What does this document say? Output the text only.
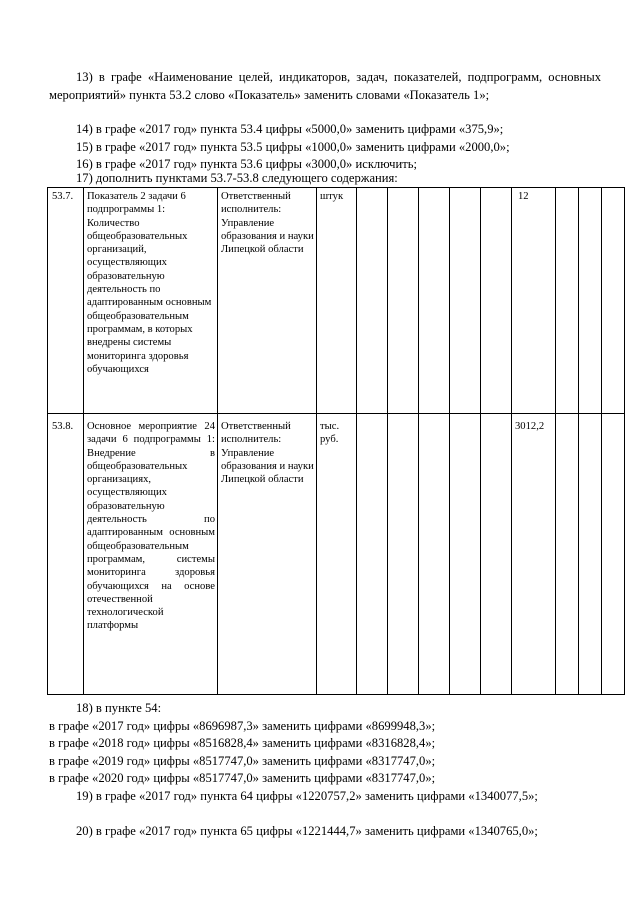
13) в графе «Наименование целей, индикаторов, задач, показателей, подпрограмм, основных мероприятий» пункта 53.2 слово «Показатель» заменить словами «Показатель 1»;

14) в графе «2017 год» пункта 53.4 цифры «5000,0» заменить цифрами «375,9»;

15) в графе «2017 год» пункта 53.5 цифры «1000,0» заменить цифрами «2000,0»;

16) в графе «2017 год» пункта 53.6 цифры «3000,0» исключить;

17) дополнить пунктами 53.7-53.8 следующего содержания:

53.7.	Показатель 2 задачи 6 подпрограммы 1: Количество общеобразовательных организаций, осуществляющих образовательную деятельность по адаптированным основным общеобразовательным программам, в которых внедрены системы мониторинга здоровья обучающихся	Ответственный исполнитель: Управление образования и науки Липецкой области	штук						12			
53.8.	Основное мероприятие 24 задачи 6 подпрограммы 1: Внедрение в общеобразовательных организациях, осуществляющих образовательную деятельность по адаптированным основным общеобразовательным программам, системы мониторинга здоровья обучающихся на основе отечественной технологической платформы	Ответственный исполнитель: Управление образования и науки Липецкой области	тыс. руб.						3012,2			

18) в пункте 54:

в графе «2017 год» цифры «8696987,3» заменить цифрами «8699948,3»;

в графе «2018 год» цифры «8516828,4» заменить цифрами «8316828,4»;

в графе «2019 год» цифры «8517747,0» заменить цифрами «8317747,0»;

в графе «2020 год» цифры «8517747,0» заменить цифрами «8317747,0»;

19) в графе «2017 год» пункта 64 цифры «1220757,2» заменить цифрами «1340077,5»;

20) в графе «2017 год» пункта 65 цифры «1221444,7» заменить цифрами «1340765,0»;
